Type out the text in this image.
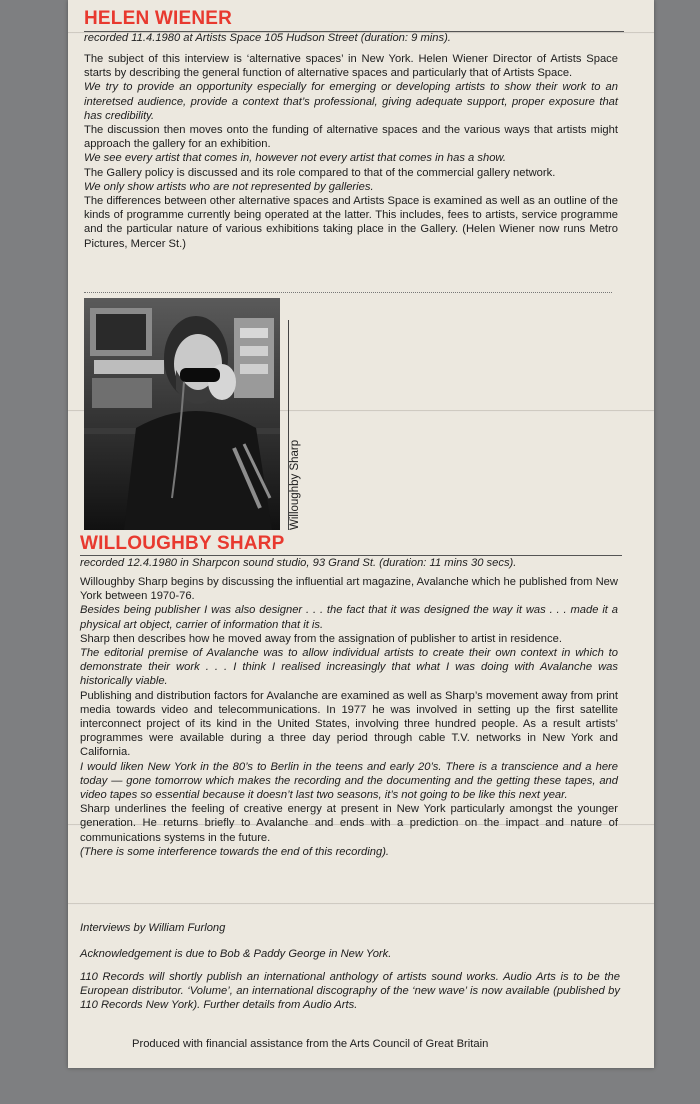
HELEN WIENER
recorded 11.4.1980 at Artists Space 105 Hudson Street (duration: 9 mins).

The subject of this interview is ‘alternative spaces’ in New York. Helen Wiener Director of Artists Space starts by describing the general function of alternative spaces and particularly that of Artists Space.

We try to provide an opportunity especially for emerging or developing artists to show their work to an interetsed audience, provide a context that’s professional, giving adequate support, proper exposure that has credibility.

The discussion then moves onto the funding of alternative spaces and the various ways that artists might approach the gallery for an exhibition.

We see every artist that comes in, however not every artist that comes in has a show.

The Gallery policy is discussed and its role compared to that of the commercial gallery network.

We only show artists who are not represented by galleries.

The differences between other alternative spaces and Artists Space is examined as well as an outline of the kinds of programme currently being operated at the latter. This includes, fees to artists, service programme and the particular nature of various exhibitions taking place in the Gallery. (Helen Wiener now runs Metro Pictures, Mercer St.)

Willoughby Sharp
WILLOUGHBY SHARP
recorded 12.4.1980 in Sharpcon sound studio, 93 Grand St. (duration: 11 mins 30 secs).

Willoughby Sharp begins by discussing the influential art magazine, Avalanche which he published from New York between 1970-76.

Besides being publisher I was also designer . . . the fact that it was designed the way it was . . . made it a physical art object, carrier of information that it is.

Sharp then describes how he moved away from the assignation of publisher to artist in residence.

The editorial premise of Avalanche was to allow individual artists to create their own context in which to demonstrate their work . . . I think I realised increasingly that what I was doing with Avalanche was historically viable.

Publishing and distribution factors for Avalanche are examined as well as Sharp’s movement away from print media towards video and telecommunications. In 1977 he was involved in setting up the first satellite interconnect project of its kind in the United States, involving three hundred people. As a result artists’ programmes were available during a three day period through cable T.V. networks in New York and California.

I would liken New York in the 80’s to Berlin in the teens and early 20’s. There is a transcience and a here today — gone tomorrow which makes the recording and the documenting and the getting these tapes, and video tapes so essential because it doesn’t last two seasons, it’s not going to be like this next year.

Sharp underlines the feeling of creative energy at present in New York particularly amongst the younger generation. He returns briefly to Avalanche and ends with a prediction on the impact and nature of communications systems in the future.

(There is some interference towards the end of this recording).

Interviews by William Furlong
Acknowledgement is due to Bob & Paddy George in New York.
110 Records will shortly publish an international anthology of artists sound works. Audio Arts is to be the European distributor. ‘Volume’, an international discography of the ‘new wave’ is now available (published by 110 Records New York). Further details from Audio Arts.
Produced with financial assistance from the Arts Council of Great Britain
